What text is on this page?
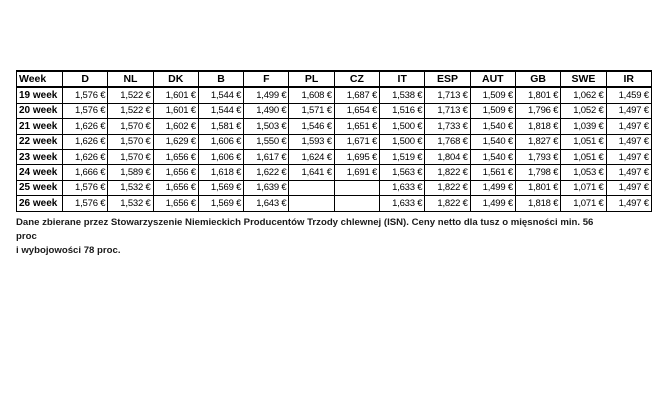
Week	D	NL	DK	B	F	PL	CZ	IT	ESP	AUT	GB	SWE	IR
19 week	1,576 €	1,522 €	1,601 €	1,544 €	1,499 €	1,608 €	1,687 €	1,538 €	1,713 €	1,509 €	1,801 €	1,062 €	1,459 €
20 week	1,576 €	1,522 €	1,601 €	1,544 €	1,490 €	1,571 €	1,654 €	1,516 €	1,713 €	1,509 €	1,796 €	1,052 €	1,497 €
21 week	1,626 €	1,570 €	1,602 €	1,581 €	1,503 €	1,546 €	1,651 €	1,500 €	1,733 €	1,540 €	1,818 €	1,039 €	1,497 €
22 week	1,626 €	1,570 €	1,629 €	1,606 €	1,550 €	1,593 €	1,671 €	1,500 €	1,768 €	1,540 €	1,827 €	1,051 €	1,497 €
23 week	1,626 €	1,570 €	1,656 €	1,606 €	1,617 €	1,624 €	1,695 €	1,519 €	1,804 €	1,540 €	1,793 €	1,051 €	1,497 €
24 week	1,666 €	1,589 €	1,656 €	1,618 €	1,622 €	1,641 €	1,691 €	1,563 €	1,822 €	1,561 €	1,798 €	1,053 €	1,497 €
25 week	1,576 €	1,532 €	1,656 €	1,569 €	1,639 €			1,633 €	1,822 €	1,499 €	1,801 €	1,071 €	1,497 €
26 week	1,576 €	1,532 €	1,656 €	1,569 €	1,643 €			1,633 €	1,822 €	1,499 €	1,818 €	1,071 €	1,497 €
Dane zbierane przez Stowarzyszenie Niemieckich Producentów Trzody chlewnej (ISN). Ceny netto dla tusz o mięsności min. 56 proc
i wybojowości 78 proc.
